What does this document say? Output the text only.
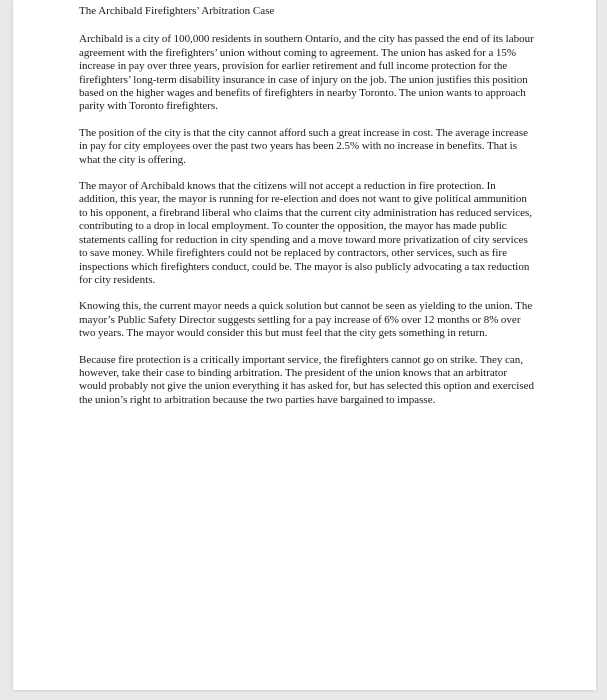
The Archibald Firefighters’ Arbitration Case

Archibald is a city of 100,000 residents in southern Ontario, and the city has passed the end of its labour agreement with the firefighters’ union without coming to agreement. The union has asked for a 15% increase in pay over three years, provision for earlier retirement and full income protection for the firefighters’ long-term disability insurance in case of injury on the job. The union justifies this position based on the higher wages and benefits of firefighters in nearby Toronto. The union wants to approach parity with Toronto firefighters.

The position of the city is that the city cannot afford such a great increase in cost. The average increase in pay for city employees over the past two years has been 2.5% with no increase in benefits. That is what the city is offering.

The mayor of Archibald knows that the citizens will not accept a reduction in fire protection. In addition, this year, the mayor is running for re-election and does not want to give political ammunition to his opponent, a firebrand liberal who claims that the current city administration has reduced services, contributing to a drop in local employment. To counter the opposition, the mayor has made public statements calling for reduction in city spending and a move toward more privatization of city services to save money. While firefighters could not be replaced by contractors, other services, such as fire inspections which firefighters conduct, could be. The mayor is also publicly advocating a tax reduction for city residents.

Knowing this, the current mayor needs a quick solution but cannot be seen as yielding to the union. The mayor’s Public Safety Director suggests settling for a pay increase of 6% over 12 months or 8% over two years. The mayor would consider this but must feel that the city gets something in return.

Because fire protection is a critically important service, the firefighters cannot go on strike. They can, however, take their case to binding arbitration. The president of the union knows that an arbitrator would probably not give the union everything it has asked for, but has selected this option and exercised the union’s right to arbitration because the two parties have bargained to impasse.
